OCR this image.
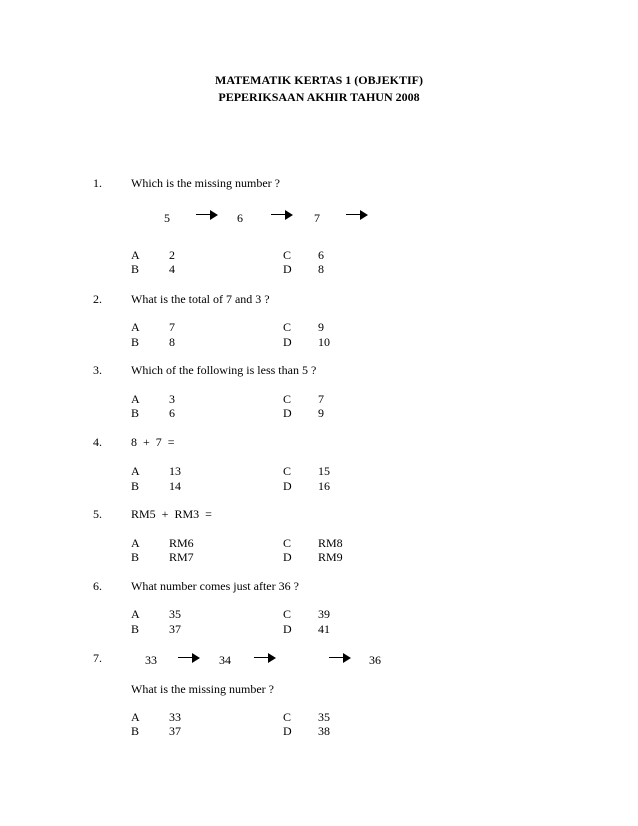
MATEMATIK KERTAS 1 (OBJEKTIF)
PEPERIKSAAN AKHIR TAHUN 2008
1. Which is the missing number ?
5	6	7
A 2	C 6
B 4	D 8
2. What is the total of 7 and 3 ?
A 7	C 9
B 8	D 10
3. Which of the following is less than 5 ?
A 3	C 7
B 6	D 9
4. 8  +  7  =
A 13	C 15
B 14	D 16
5. RM5  +  RM3  =
A RM6	C RM8
B RM7	D RM9
6. What number comes just after 36 ?
A 35	C 39
B 37	D 41
7.	33	34	36
What is the missing number ?
A 33	C 35
B 37	D 38
